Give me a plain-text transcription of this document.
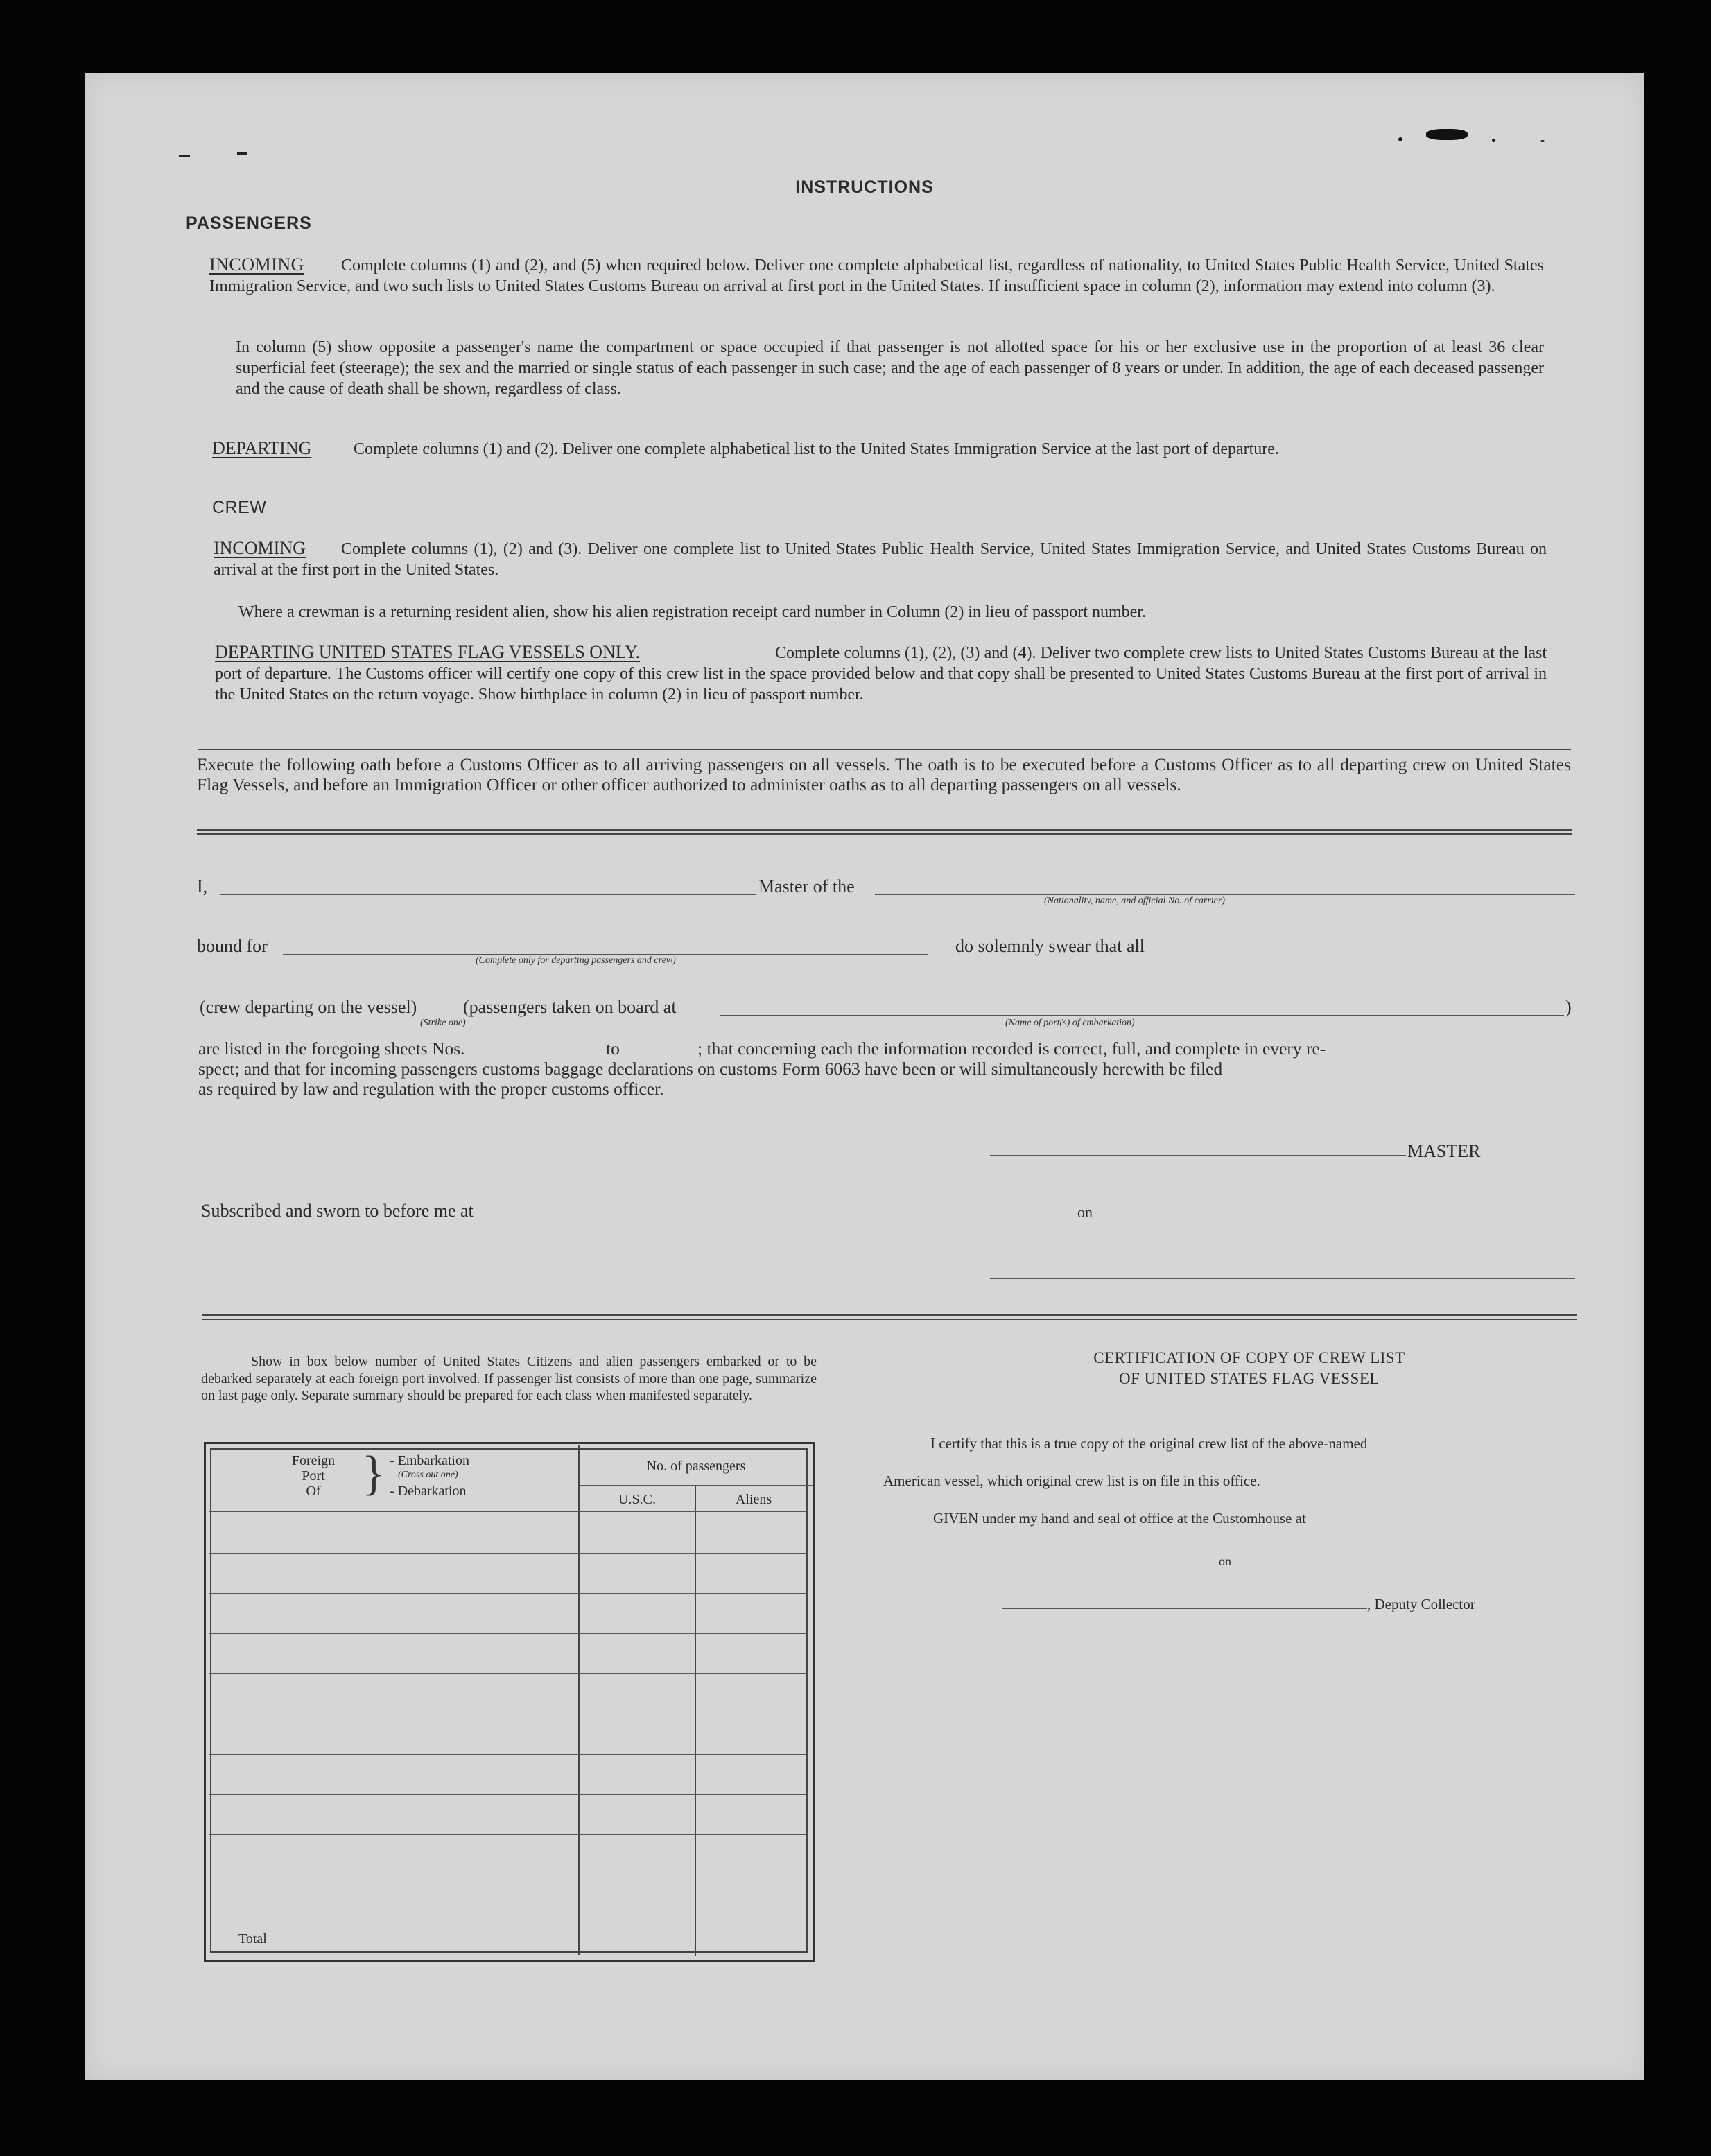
INSTRUCTIONS
PASSENGERS
INCOMING	Complete columns (1) and (2), and (5) when required below. Deliver one complete alphabetical list, regardless of nationality, to United States Public Health Service, United States Immigration Service, and two such lists to United States Customs Bureau on arrival at first port in the United States. If insufficient space in column (2), information may extend into column (3).
In column (5) show opposite a passenger's name the compartment or space occupied if that passenger is not allotted space for his or her exclusive use in the proportion of at least 36 clear superficial feet (steerage); the sex and the married or single status of each passenger in such case; and the age of each passenger of 8 years or under. In addition, the age of each deceased passenger and the cause of death shall be shown, regardless of class.
DEPARTING	Complete columns (1) and (2). Deliver one complete alphabetical list to the United States Immigration Service at the last port of departure.
CREW
INCOMING	Complete columns (1), (2) and (3). Deliver one complete list to United States Public Health Service, United States Immigration Service, and United States Customs Bureau on arrival at the first port in the United States.
Where a crewman is a returning resident alien, show his alien registration receipt card number in Column (2) in lieu of passport number.
DEPARTING UNITED STATES FLAG VESSELS ONLY.	Complete columns (1), (2), (3) and (4). Deliver two complete crew lists to United States Customs Bureau at the last port of departure. The Customs officer will certify one copy of this crew list in the space provided below and that copy shall be presented to United States Customs Bureau at the first port of arrival in the United States on the return voyage. Show birthplace in column (2) in lieu of passport number.
Execute the following oath before a Customs Officer as to all arriving passengers on all vessels. The oath is to be executed before a Customs Officer as to all departing crew on United States Flag Vessels, and before an Immigration Officer or other officer authorized to administer oaths as to all departing passengers on all vessels.
I,	Master of the
(Nationality, name, and official No. of carrier)
bound for
(Complete only for departing passengers and crew)
do solemnly swear that all
(crew departing on the vessel)	(passengers taken on board at
(Strike one)
)
(Name of port(s) of embarkation)
are listed in the foregoing sheets Nos.	to	; that concerning each the information recorded is correct, full, and complete in every re-
spect; and that for incoming passengers customs baggage declarations on customs Form 6063 have been or will simultaneously herewith be filed
as required by law and regulation with the proper customs officer.
MASTER
Subscribed and sworn to before me at	on
Show in box below number of United States Citizens and alien passengers embarked or to be debarked separately at each foreign port involved. If passenger list consists of more than one page, summarize on last page only. Separate summary should be prepared for each class when manifested separately.
Foreign
Port
Of } - Embarkation
(Cross out one)
- Debarkation
No. of passengers
U.S.C.	Aliens
Total
CERTIFICATION OF COPY OF CREW LIST
OF UNITED STATES FLAG VESSEL
I certify that this is a true copy of the original crew list of the above-named
American vessel, which original crew list is on file in this office.
GIVEN under my hand and seal of office at the Customhouse at
on
, Deputy Collector
